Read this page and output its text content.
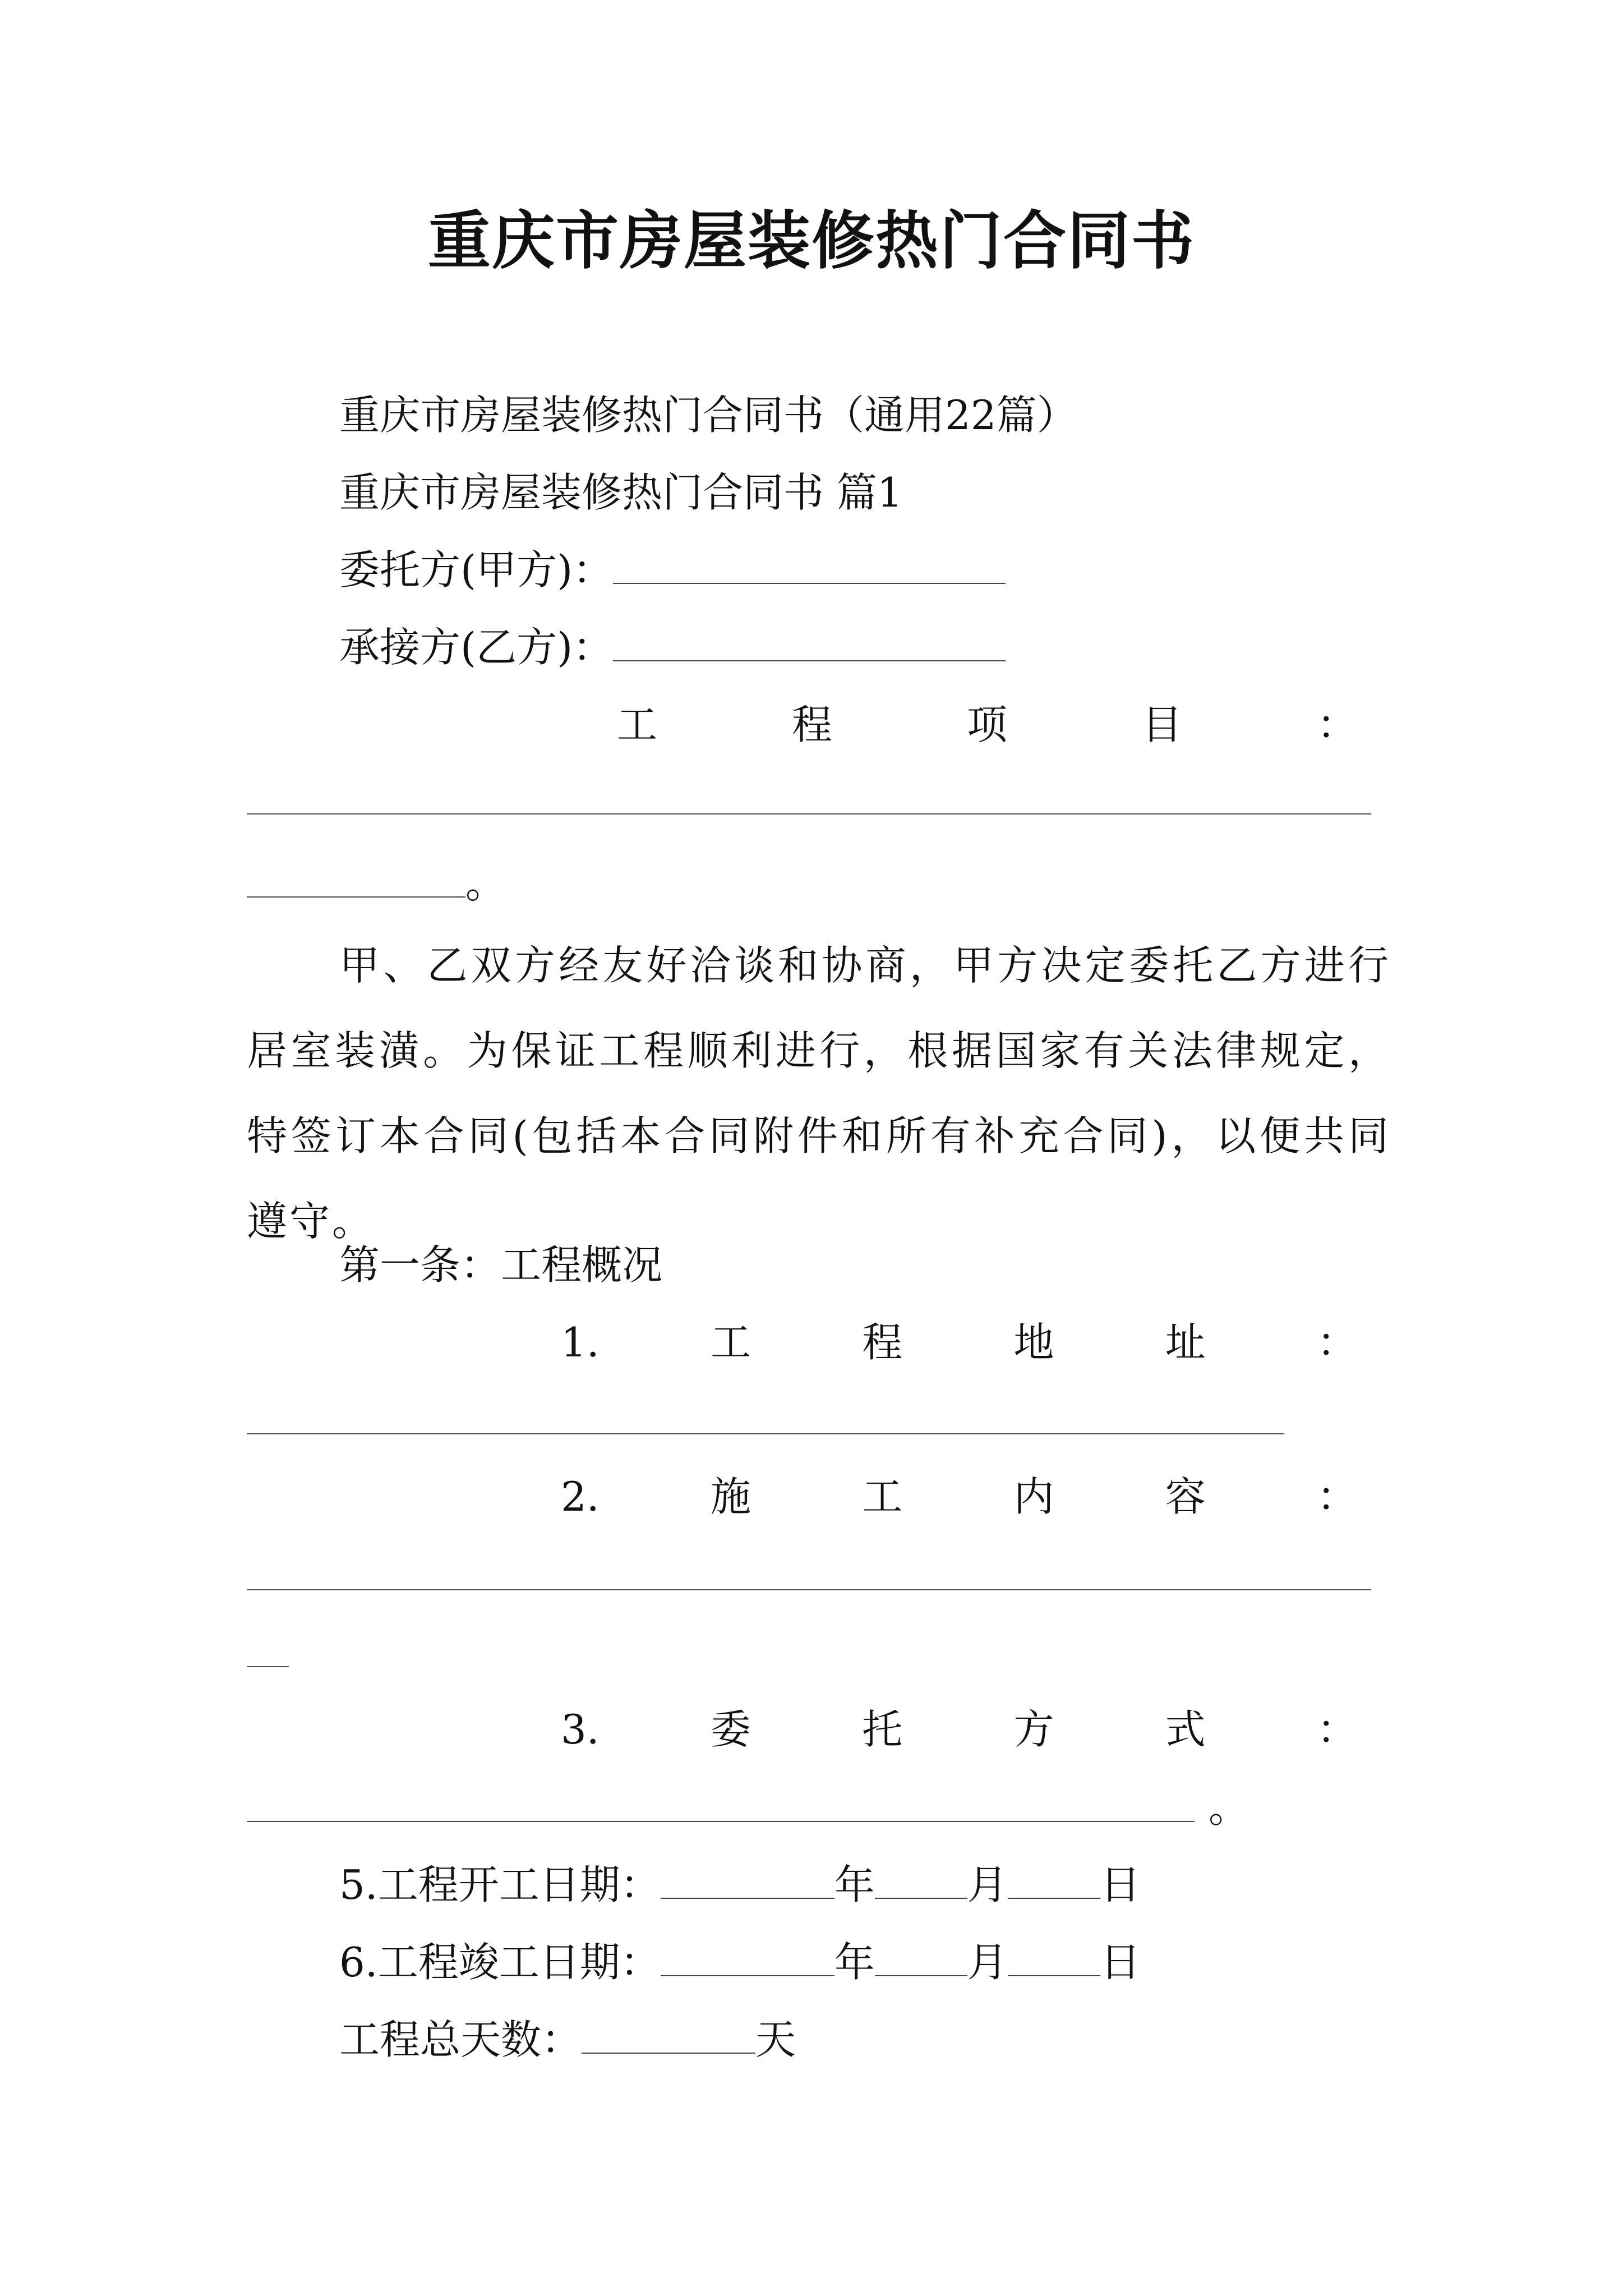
重庆市房屋装修热门合同书
重庆市房屋装修热门合同书（通用22篇）
重庆市房屋装修热门合同书 篇1
委托方(甲方)：
承接方(乙方)：
工	程	项	目	：
。
甲、乙双方经友好洽谈和协商，甲方决定委托乙方进行居室装潢。为保证工程顺利进行，根据国家有关法律规定，特签订本合同(包括本合同附件和所有补充合同)，以便共同遵守。
第一条：工程概况
1.	工	程	地	址	：
2.	施	工	内	容	：
3.	委	托	方	式	：
。
5.工程开工日期：	年 月 日
6.工程竣工日期：	年 月 日
工程总天数：	天
